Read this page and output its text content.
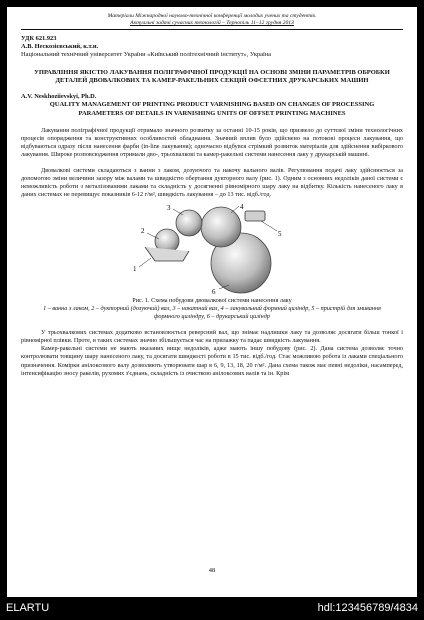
Матеріали Міжнародної науково-технічної конференції молодих учених та студентів.
Актуальні задачі сучасних технологій – Тернопіль 11–12 грудня 2013
УДК 621.923
А.В. Нескозієвський, к.т.н.
Національний технічний університет України «Київський політехнічний інститут», Україна
УПРАВЛІННЯ ЯКІСТЮ ЛАКУВАННЯ ПОЛІГРАФІЧНОЇ ПРОДУКЦІЇ НА ОСНОВІ ЗМІНИ ПАРАМЕТРІВ ОБРОБКИ ДЕТАЛЕЙ ДВОВАЛКОВИХ ТА КАМЕР-РАКЕЛЬНИХ СЕКЦІЙ ОФСЕТНИХ ДРУКАРСЬКИХ МАШИН
A.V. Neskhoziievskyi, Ph.D.
QUALITY MANAGEMENT OF PRINTING PRODUCT VARNISHING BASED ON CHANGES OF PROCESSING PARAMETERS OF DETAILS IN VARNISHING UNITS OF OFFSET PRINTING MACHINES

Лакування поліграфічної продукції отримало значного розвитку за останні 10-15 років, що призвело до суттєвої зміни технологічних процесів опорядження та конструктивних особливостей обладнання. Значний вплив було здійснено на потокові процеси лакування, що відбуваються одразу після нанесення фарби (in-line лакування); одночасно відбувся стрімкий розвиток матеріалів для здійснення вибіркового лакування. Широке розповсюдження отримали дво-, трьохвалкові та камер-ракельні системи нанесення лаку у друкарській машині.

Двовалкові системи складаються з ванни з лаком, дозуючого та накочу вального валів. Регулювання подачі лаку здійснюється за допомогою зміни величини зазору між валами та швидкістю обертання дукторного валу (рис. 1). Одним з основних недоліків даної системи є неможливість роботи з металізованими лаками та складність у досягненні рівномірного шару лаку на відбитку. Кількість нанесеного лаку в даних системах не перевищує показників 6-12 г/м², швидкість лакування – до 13 тис. відб./год.

1
2
3	4
5
6
Рис. 1. Схема побудови двовалкової системи нанесення лаку
1 – ванна з лаком, 2 – дукторний (дозуючий) вал, 3 – накатний вал, 4 – лакувальний формний циліндр, 5 – пристрій для змивання формного циліндру, 6 – друкарський циліндр

У трьохвалкових системах додатково встановлюється реверсний вал, що знімає надлишки лаку та дозволяє досягати більш тонкої і рівномірної плівки. Проте, в таких системах значно збільшується час на прилажку та падає швидкість лакування.

Камер-ракельні системи не мають вказаних вище недоліків, адже мають іншу побудову (рис. 2). Дана система дозволяє точно контролювати товщину шару нанесеного лаку, та досягати швидкості роботи в 15 тис. відб./год. Стає можливою робота із лаками спеціального призначення. Комірки анілоксового валу дозволяють утворювати шар в 6, 9, 13, 18, 20 г/м². Дана схема також має певні недоліки, насамперед, інтенсифікацію зносу ракелів, рухомих з'єднань, складність із очисткою анілоксових валів та ін. Крім

48
ELARTU	hdl:123456789/4834
